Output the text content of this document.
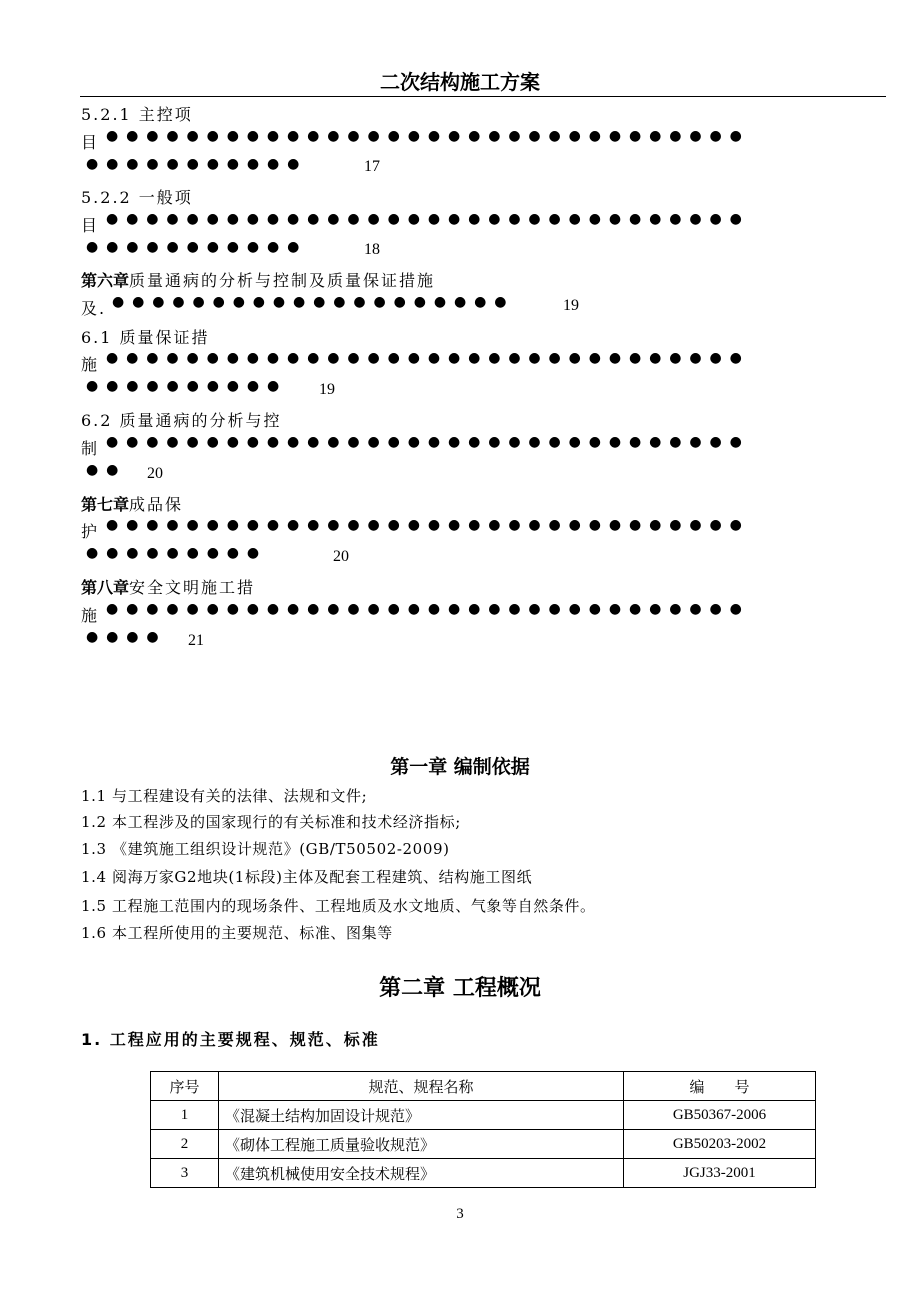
二次结构施工方案
5.2.1 主控项
目 ●●●●●●●●●●●●●●●●●●●●●●●●●●●●●●●●
●●●●●●●●●●●	17
5.2.2 一般项
目 ●●●●●●●●●●●●●●●●●●●●●●●●●●●●●●●●
●●●●●●●●●●●	18
第六章质量通病的分析与控制及质量保证措施
及. ●●●●●●●●●●●●●●●●●●●●	19
6.1 质量保证措
施 ●●●●●●●●●●●●●●●●●●●●●●●●●●●●●●●●
●●●●●●●●●● 19
6.2 质量通病的分析与控
制 ●●●●●●●●●●●●●●●●●●●●●●●●●●●●●●●●
●● 20
第七章成品保
护 ●●●●●●●●●●●●●●●●●●●●●●●●●●●●●●●●
●●●●●●●●●	20
第八章安全文明施工措
施 ●●●●●●●●●●●●●●●●●●●●●●●●●●●●●●●●
●●●● 21
第一章 编制依据
1.1 与工程建设有关的法律、法规和文件;
1.2 本工程涉及的国家现行的有关标准和技术经济指标;
1.3 《建筑施工组织设计规范》(GB/T50502-2009)
1.4 阅海万家G2地块(1标段)主体及配套工程建筑、结构施工图纸
1.5 工程施工范围内的现场条件、工程地质及水文地质、气象等自然条件。
1.6 本工程所使用的主要规范、标准、图集等
第二章 工程概况
1. 工程应用的主要规程、规范、标准
序号	规范、规程名称	编　　号
1	《混凝土结构加固设计规范》	GB50367-2006
2	《砌体工程施工质量验收规范》	GB50203-2002
3	《建筑机械使用安全技术规程》	JGJ33-2001
3
